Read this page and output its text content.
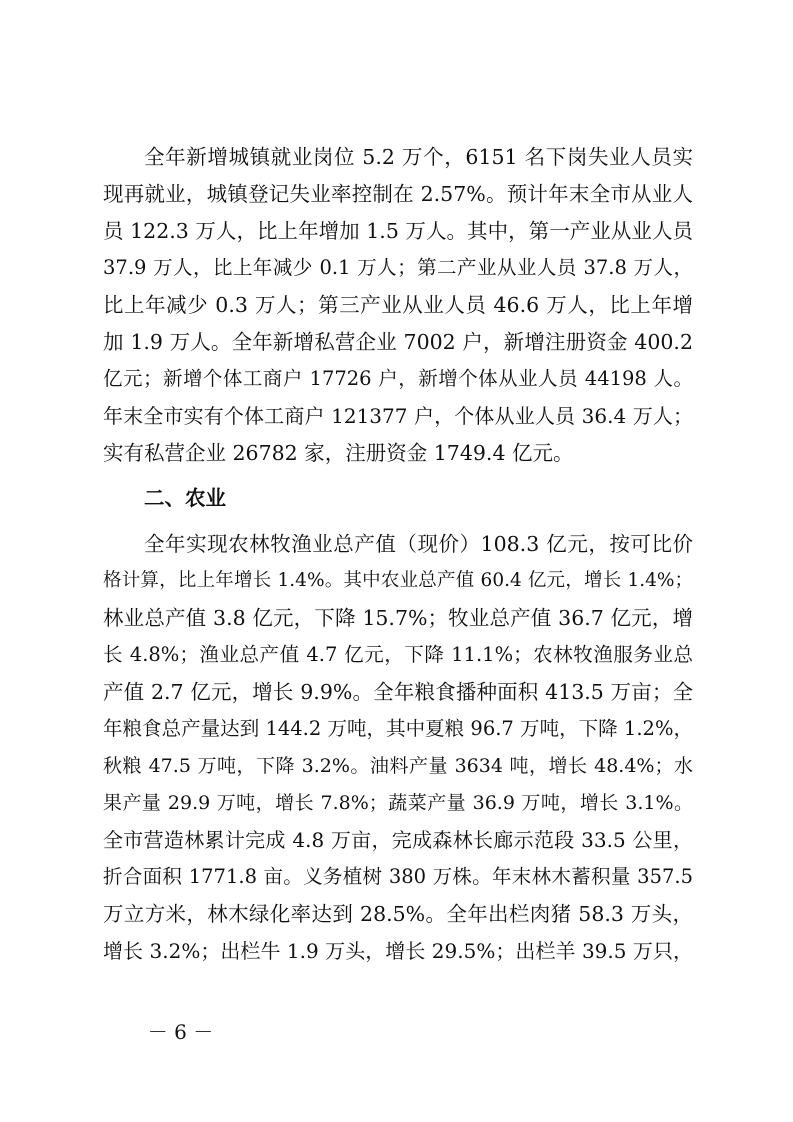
全年新增城镇就业岗位 5.2 万个，6151 名下岗失业人员实
现再就业，城镇登记失业率控制在 2.57%。预计年末全市从业人
员 122.3 万人，比上年增加 1.5 万人。其中，第一产业从业人员
37.9 万人，比上年减少 0.1 万人；第二产业从业人员 37.8 万人，
比上年减少 0.3 万人；第三产业从业人员 46.6 万人，比上年增
加 1.9 万人。全年新增私营企业 7002 户，新增注册资金 400.2
亿元；新增个体工商户 17726 户，新增个体从业人员 44198 人。
年末全市实有个体工商户 121377 户，个体从业人员 36.4 万人；
实有私营企业 26782 家，注册资金 1749.4 亿元。
二、农业
全年实现农林牧渔业总产值（现价）108.3 亿元，按可比价
格计算，比上年增长 1.4%。其中农业总产值 60.4 亿元，增长 1.4%；
林业总产值 3.8 亿元，下降 15.7%；牧业总产值 36.7 亿元，增
长 4.8%；渔业总产值 4.7 亿元，下降 11.1%；农林牧渔服务业总
产值 2.7 亿元，增长 9.9%。全年粮食播种面积 413.5 万亩；全
年粮食总产量达到 144.2 万吨，其中夏粮 96.7 万吨，下降 1.2%，
秋粮 47.5 万吨，下降 3.2%。油料产量 3634 吨，增长 48.4%；水
果产量 29.9 万吨，增长 7.8%；蔬菜产量 36.9 万吨，增长 3.1%。
全市营造林累计完成 4.8 万亩，完成森林长廊示范段 33.5 公里，
折合面积 1771.8 亩。义务植树 380 万株。年末林木蓄积量 357.5
万立方米，林木绿化率达到 28.5%。全年出栏肉猪 58.3 万头，
增长 3.2%；出栏牛 1.9 万头，增长 29.5%；出栏羊 39.5 万只，
－ 6 －
